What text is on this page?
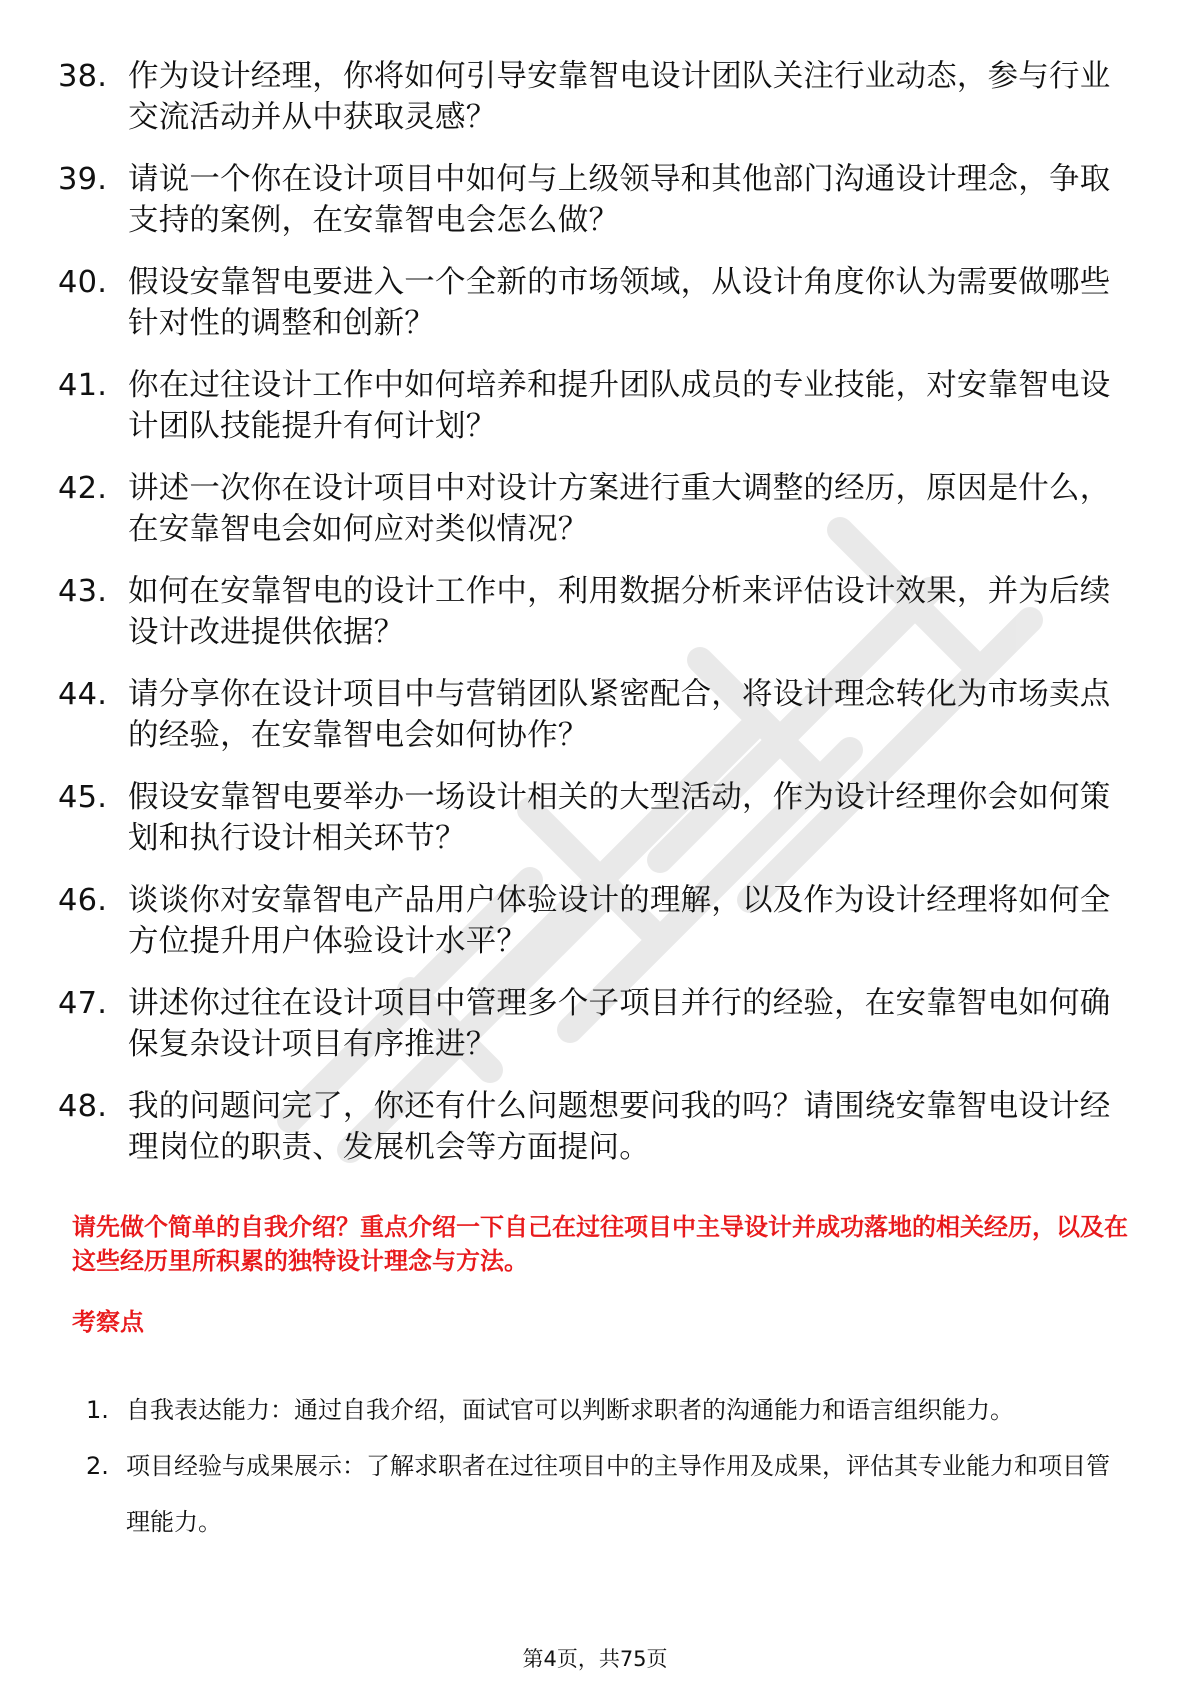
38. 作为设计经理，你将如何引导安靠智电设计团队关注行业动态，参与行业交流活动并从中获取灵感？
39. 请说一个你在设计项目中如何与上级领导和其他部门沟通设计理念，争取支持的案例，在安靠智电会怎么做？
40. 假设安靠智电要进入一个全新的市场领域，从设计角度你认为需要做哪些针对性的调整和创新？
41. 你在过往设计工作中如何培养和提升团队成员的专业技能，对安靠智电设计团队技能提升有何计划？
42. 讲述一次你在设计项目中对设计方案进行重大调整的经历，原因是什么，在安靠智电会如何应对类似情况？
43. 如何在安靠智电的设计工作中，利用数据分析来评估设计效果，并为后续设计改进提供依据？
44. 请分享你在设计项目中与营销团队紧密配合，将设计理念转化为市场卖点的经验，在安靠智电会如何协作？
45. 假设安靠智电要举办一场设计相关的大型活动，作为设计经理你会如何策划和执行设计相关环节？
46. 谈谈你对安靠智电产品用户体验设计的理解，以及作为设计经理将如何全方位提升用户体验设计水平？
47. 讲述你过往在设计项目中管理多个子项目并行的经验，在安靠智电如何确保复杂设计项目有序推进？
48. 我的问题问完了，你还有什么问题想要问我的吗？请围绕安靠智电设计经理岗位的职责、发展机会等方面提问。
请先做个简单的自我介绍？重点介绍一下自己在过往项目中主导设计并成功落地的相关经历，以及在这些经历里所积累的独特设计理念与方法。
考察点
1. 自我表达能力：通过自我介绍，面试官可以判断求职者的沟通能力和语言组织能力。
2. 项目经验与成果展示：了解求职者在过往项目中的主导作用及成果，评估其专业能力和项目管理能力。
第4页，共75页
